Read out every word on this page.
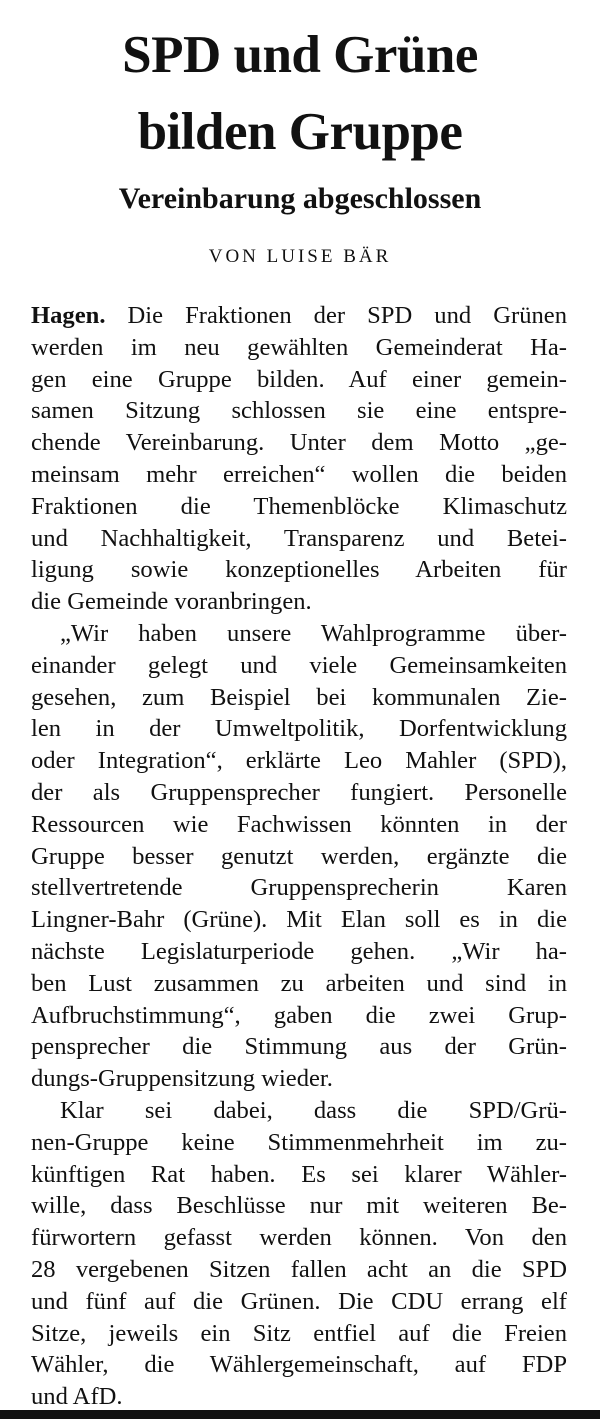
SPD und Grüne
bilden Gruppe
Vereinbarung abgeschlossen
VON LUISE BÄR
Hagen. Die Fraktionen der SPD und Grünen
werden im neu gewählten Gemeinderat Ha-
gen eine Gruppe bilden. Auf einer gemein-
samen Sitzung schlossen sie eine entspre-
chende Vereinbarung. Unter dem Motto „ge-
meinsam mehr erreichen“ wollen die beiden
Fraktionen die Themenblöcke Klimaschutz
und Nachhaltigkeit, Transparenz und Betei-
ligung sowie konzeptionelles Arbeiten für
die Gemeinde voranbringen.
„Wir haben unsere Wahlprogramme über-
einander gelegt und viele Gemeinsamkeiten
gesehen, zum Beispiel bei kommunalen Zie-
len in der Umweltpolitik, Dorfentwicklung
oder Integration“, erklärte Leo Mahler (SPD),
der als Gruppensprecher fungiert. Personelle
Ressourcen wie Fachwissen könnten in der
Gruppe besser genutzt werden, ergänzte die
stellvertretende Gruppensprecherin Karen
Lingner-Bahr (Grüne). Mit Elan soll es in die
nächste Legislaturperiode gehen. „Wir ha-
ben Lust zusammen zu arbeiten und sind in
Aufbruchstimmung“, gaben die zwei Grup-
pensprecher die Stimmung aus der Grün-
dungs-Gruppensitzung wieder.
Klar sei dabei, dass die SPD/Grü-
nen-Gruppe keine Stimmenmehrheit im zu-
künftigen Rat haben. Es sei klarer Wähler-
wille, dass Beschlüsse nur mit weiteren Be-
fürwortern gefasst werden können. Von den
28 vergebenen Sitzen fallen acht an die SPD
und fünf auf die Grünen. Die CDU errang elf
Sitze, jeweils ein Sitz entfiel auf die Freien
Wähler, die Wählergemeinschaft, auf FDP
und AfD.
